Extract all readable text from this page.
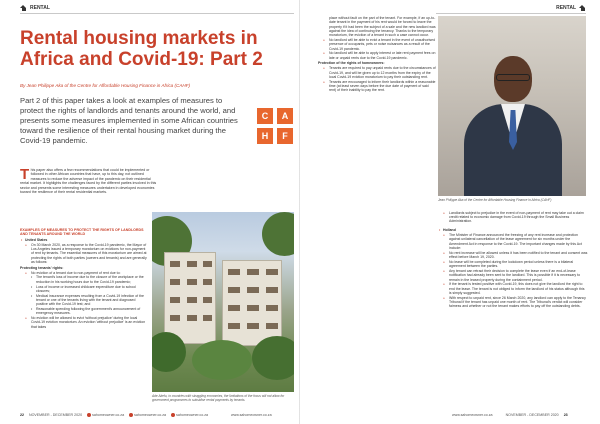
RENTAL
Rental housing markets in Africa and Covid-19: Part 2
By Jean Philippe Aka of the Centre for Affordable Housing Finance in Africa (CAHF)

Part 2 of this paper takes a look at examples of measures to protect the rights of landlords and tenants around the world, and presents some measures implemented in some African countries toward the resilience of their rental housing market during the Covid-19 pandemic.

C	A
H	F
T his paper also offers a few recommendations that could be implemented or followed in other African countries that have, up to this day, not outlined measures to reduce the adverse impact of the pandemic on their residential rental market. It highlights the challenges faced by the different parties involved in this sector and presents some interesting measures undertaken in developed economies toward the resilience of their rental residential markets.
EXAMPLES OF MEASURES TO PROTECT THE RIGHTS OF LANDLORDS AND TENANTS AROUND THE WORLD
• United States
o On 30 March 2020, as a response to the Covid-19 pandemic, the Mayor of Los Angeles issued a temporary moratorium on evictions for non-payment of rent by tenants. The essential measures of this moratorium are aimed at protecting the rights of both parties (owners and tenants) and are generally as follows:
Protecting tenants' rights:
o No eviction of a tenant due to non-payment of rent due to:
• The tenant's loss of income due to the closure of the workplace or the reduction in his working hours due to the Covid-19 pandemic;
• Loss of income or increased childcare expenditure due to school closures;
• Medical insurance expenses resulting from a Covid-19 infection of the tenant or one of the tenants living with the tenant and diagnosed positive with the Covid-19 test; and
• Reasonable spending following the government's announcement of emergency measures.
o No eviction will be allowed to evict 'without prejudice' during the local Covid-19 eviction moratorium. An eviction 'without prejudice' is an eviction that takes
Ade Akefu, in countries with struggling economies, the limitations of the focus will not allow for government programmes to subsidise rental payments by tenants.
22 NOVEMBER - DECEMBER 2020	sahomeowner.co.za	sahomeowner.co.za	sahomeowner.co.za	www.sahomeowner.co.za
RENTAL
place without fault on the part of the tenant. For example, if an up-to-date tenant in the payment of his rent would be forced to leave the property if it had been the subject of a sale and the new landlord was against the idea of continuing the tenancy. Thanks to the temporary moratorium, the eviction of a tenant in such a case cannot occur.
o No landlord will be able to evict a tenant in the event of unauthorised presence of occupants, pets or noise nuisances as a result of the Covid-19 pandemic.
o No landlord will be able to apply interest or late rent payment fees on late or unpaid rents due to the Covid-19 pandemic.
Protection of the rights of homeowners:
o Tenants are required to pay unpaid rents due to the circumstances of Covid-19, and will be given up to 12 months from the expiry of the local Covid-19 eviction moratorium to pay their outstanding rent.
o Tenants are encouraged to inform their landlords within a reasonable time (at least seven days before the due date of payment of said rent) of their inability to pay the rent.
Jean Philippe Aka of the Centre for Affordable Housing Finance in Africa (CAHF)
o Landlords subject to prejudice in the event of non-payment of rent may take out a claim credit related to economic damage from Covid-19 through the Small Business Administration.
• Holland
o The Minister of Finance announced the freezing of any rent increase and protection against unilateral cancellation of the lease agreement for six months under the Amendment Act in response to the Covid-19. The important changes made by this Act include:
o No rent increase will be allowed unless it has been notified to the tenant and consent was effect before March 19, 2020.
o No lease will be completed during the lockdown period unless there is a bilateral agreement between the parties.
o Any tenant can retract their decision to complete the lease even if an end-of-lease notification had already been sent to the landlord. This is possible if it is necessary to remain in the leased property during the containment period.
o If the tenant is tested positive with Covid-19, this does not give the landlord the right to end the lease. The tenant is not obliged to inform the landlord of his status although this is simply suggested.
o With respect to unpaid rent, since 26 March 2020, any landlord can apply to the Tenancy Tribunal if the tenant has unpaid one month of rent. The Tribunal's verdict will consider fairness and whether or not the tenant makes efforts to pay off the outstanding debts.
www.sahomeowner.co.za	NOVEMBER - DECEMBER 2020 23
